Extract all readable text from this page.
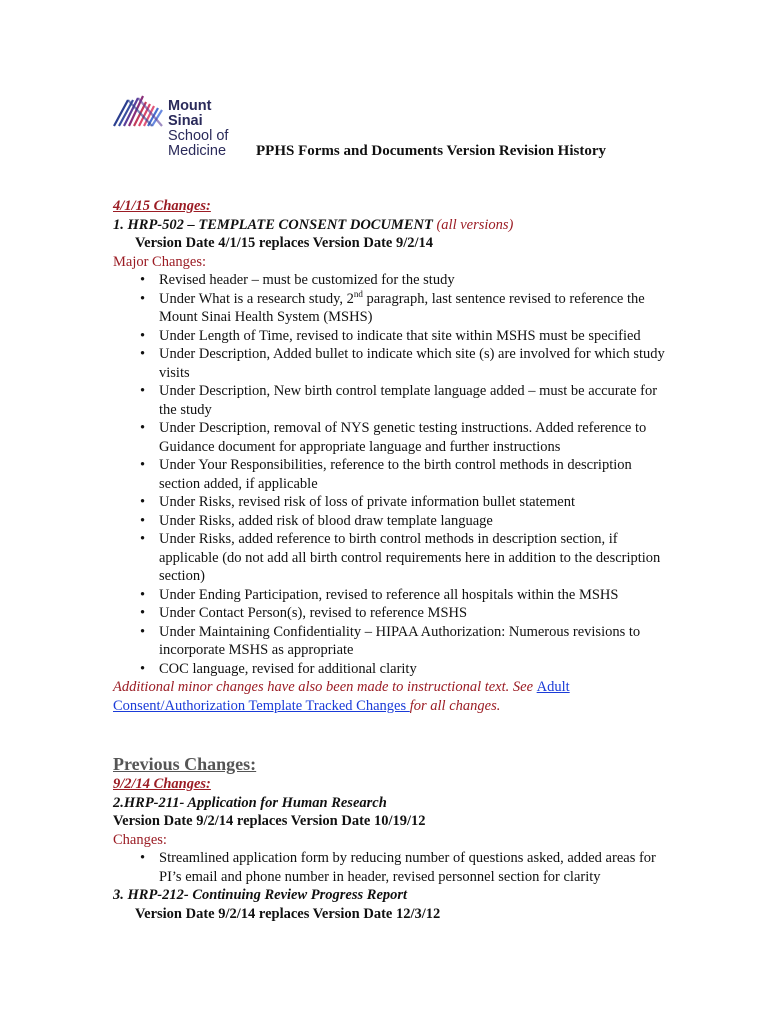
Mount
Sinai
School of
Medicine PPHS Forms and Documents Version Revision History

4/1/15 Changes:

1. HRP-502 – TEMPLATE CONSENT DOCUMENT (all versions)

Version Date 4/1/15 replaces Version Date 9/2/14

Major Changes:

• Revised header – must be customized for the study
• Under What is a research study, 2nd paragraph, last sentence revised to reference the Mount Sinai Health System (MSHS)
• Under Length of Time, revised to indicate that site within MSHS must be specified
• Under Description, Added bullet to indicate which site (s) are involved for which study visits
• Under Description, New birth control template language added – must be accurate for the study
• Under Description, removal of NYS genetic testing instructions. Added reference to Guidance document for appropriate language and further instructions
• Under Your Responsibilities, reference to the birth control methods in description section added, if applicable
• Under Risks, revised risk of loss of private information bullet statement
• Under Risks, added risk of blood draw template language
• Under Risks, added reference to birth control methods in description section, if applicable (do not add all birth control requirements here in addition to the description section)
• Under Ending Participation, revised to reference all hospitals within the MSHS
• Under Contact Person(s), revised to reference MSHS
• Under Maintaining Confidentiality – HIPAA Authorization: Numerous revisions to incorporate MSHS as appropriate
• COC language, revised for additional clarity

Additional minor changes have also been made to instructional text. See Adult Consent/Authorization Template Tracked Changes for all changes.

Previous Changes:

9/2/14 Changes:

2.HRP-211- Application for Human Research

Version Date 9/2/14 replaces Version Date 10/19/12

Changes:

• Streamlined application form by reducing number of questions asked, added areas for PI’s email and phone number in header, revised personnel section for clarity

3. HRP-212- Continuing Review Progress Report

Version Date 9/2/14 replaces Version Date 12/3/12
